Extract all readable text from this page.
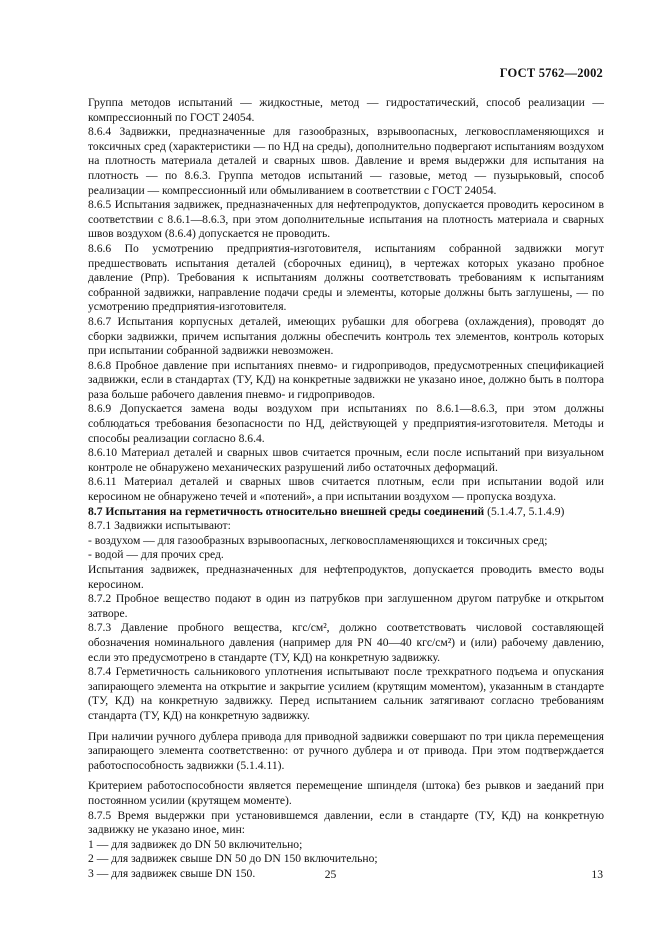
ГОСТ 5762—2002

Группа методов испытаний — жидкостные, метод — гидростатический, способ реализации — компрессионный по ГОСТ 24054.

8.6.4 Задвижки, предназначенные для газообразных, взрывоопасных, легковоспламеняющихся и токсичных сред (характеристики — по НД на среды), дополнительно подвергают испытаниям воздухом на плотность материала деталей и сварных швов. Давление и время выдержки для испытания на плотность — по 8.6.3. Группа методов испытаний — газовые, метод — пузырьковый, способ реализации — компрессионный или обмыливанием в соответствии с ГОСТ 24054.

8.6.5 Испытания задвижек, предназначенных для нефтепродуктов, допускается проводить керосином в соответствии с 8.6.1—8.6.3, при этом дополнительные испытания на плотность материала и сварных швов воздухом (8.6.4) допускается не проводить.

8.6.6 По усмотрению предприятия-изготовителя, испытаниям собранной задвижки могут предшествовать испытания деталей (сборочных единиц), в чертежах которых указано пробное давление (Pпр). Требования к испытаниям должны соответствовать требованиям к испытаниям собранной задвижки, направление подачи среды и элементы, которые должны быть заглушены, — по усмотрению предприятия-изготовителя.

8.6.7 Испытания корпусных деталей, имеющих рубашки для обогрева (охлаждения), проводят до сборки задвижки, причем испытания должны обеспечить контроль тех элементов, контроль которых при испытании собранной задвижки невозможен.

8.6.8 Пробное давление при испытаниях пневмо- и гидроприводов, предусмотренных спецификацией задвижки, если в стандартах (ТУ, КД) на конкретные задвижки не указано иное, должно быть в полтора раза больше рабочего давления пневмо- и гидроприводов.

8.6.9 Допускается замена воды воздухом при испытаниях по 8.6.1—8.6.3, при этом должны соблюдаться требования безопасности по НД, действующей у предприятия-изготовителя. Методы и способы реализации согласно 8.6.4.

8.6.10 Материал деталей и сварных швов считается прочным, если после испытаний при визуальном контроле не обнаружено механических разрушений либо остаточных деформаций.

8.6.11 Материал деталей и сварных швов считается плотным, если при испытании водой или керосином не обнаружено течей и «потений», а при испытании воздухом — пропуска воздуха.

8.7 Испытания на герметичность относительно внешней среды соединений (5.1.4.7, 5.1.4.9)

8.7.1 Задвижки испытывают:

- воздухом — для газообразных взрывоопасных, легковоспламеняющихся и токсичных сред;

- водой — для прочих сред.

Испытания задвижек, предназначенных для нефтепродуктов, допускается проводить вместо воды керосином.

8.7.2 Пробное вещество подают в один из патрубков при заглушенном другом патрубке и открытом затворе.

8.7.3 Давление пробного вещества, кгс/см², должно соответствовать числовой составляющей обозначения номинального давления (например для PN 40—40 кгс/см²) и (или) рабочему давлению, если это предусмотрено в стандарте (ТУ, КД) на конкретную задвижку.

8.7.4 Герметичность сальникового уплотнения испытывают после трехкратного подъема и опускания запирающего элемента на открытие и закрытие усилием (крутящим моментом), указанным в стандарте (ТУ, КД) на конкретную задвижку. Перед испытанием сальник затягивают согласно требованиям стандарта (ТУ, КД) на конкретную задвижку.

При наличии ручного дублера привода для приводной задвижки совершают по три цикла перемещения запирающего элемента соответственно: от ручного дублера и от привода. При этом подтверждается работоспособность задвижки (5.1.4.11).

Критерием работоспособности является перемещение шпинделя (штока) без рывков и заеданий при постоянном усилии (крутящем моменте).

8.7.5 Время выдержки при установившемся давлении, если в стандарте (ТУ, КД) на конкретную задвижку не указано иное, мин:

1 — для задвижек до DN 50 включительно;

2 — для задвижек свыше DN 50 до DN 150 включительно;

3 — для задвижек свыше DN 150.	25	13
